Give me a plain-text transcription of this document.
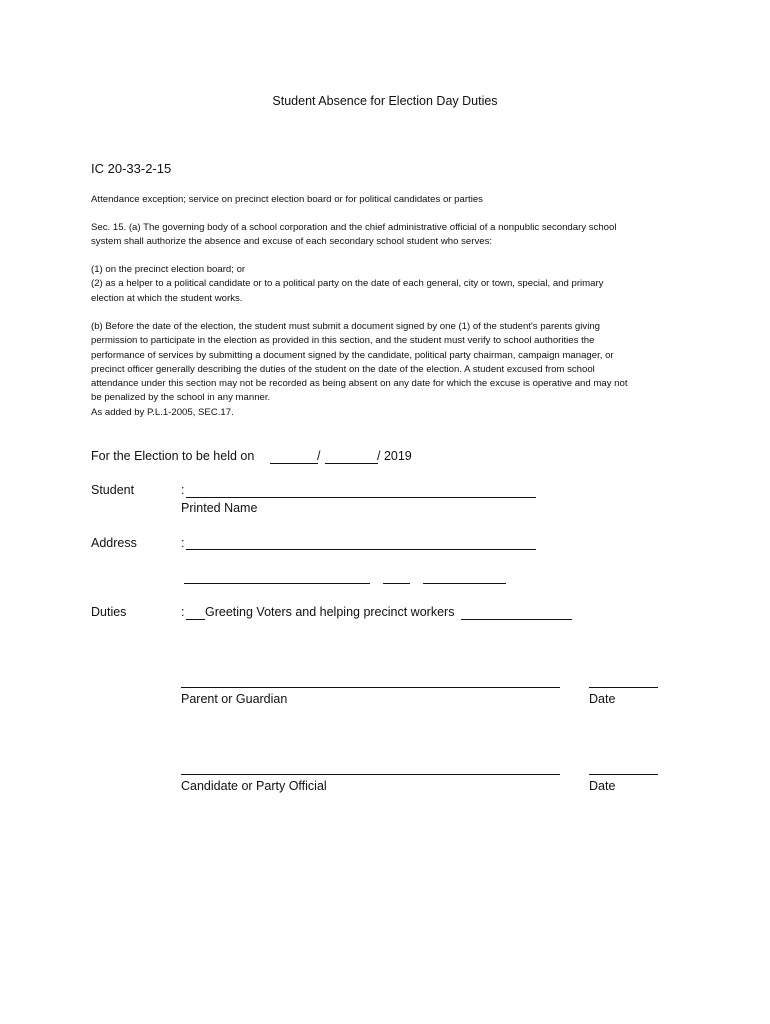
Student Absence for Election Day Duties
IC 20-33-2-15
Attendance exception; service on precinct election board or for political candidates or parties
Sec. 15. (a) The governing body of a school corporation and the chief administrative official of a nonpublic secondary school
system shall authorize the absence and excuse of each secondary school student who serves:
(1) on the precinct election board; or
(2) as a helper to a political candidate or to a political party on the date of each general, city or town, special, and primary
election at which the student works.
(b) Before the date of the election, the student must submit a document signed by one (1) of the student's parents giving
permission to participate in the election as provided in this section, and the student must verify to school authorities the
performance of services by submitting a document signed by the candidate, political party chairman, campaign manager, or
precinct officer generally describing the duties of the student on the date of the election. A student excused from school
attendance under this section may not be recorded as being absent on any date for which the excuse is operative and may not
be penalized by the school in any manner.
As added by P.L.1-2005, SEC.17.
For the Election to be held on	/	/ 2019
Student	:
Printed Name
Address	:
Duties	: Greeting Voters and helping precinct workers
Parent or Guardian	Date
Candidate or Party Official	Date
